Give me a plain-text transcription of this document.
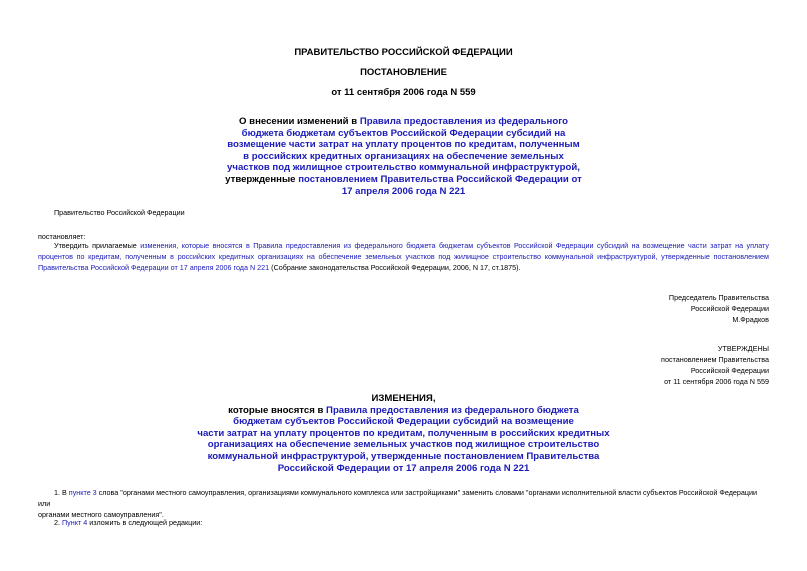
ПРАВИТЕЛЬСТВО РОССИЙСКОЙ ФЕДЕРАЦИИ
ПОСТАНОВЛЕНИЕ
от 11 сентября 2006 года N 559
О внесении изменений в Правила предоставления из федерального
бюджета бюджетам субъектов Российской Федерации субсидий на
возмещение части затрат на уплату процентов по кредитам, полученным
в российских кредитных организациях на обеспечение земельных
участков под жилищное строительство коммунальной инфраструктурой,
утвержденные постановлением Правительства Российской Федерации от
17 апреля 2006 года N 221
Правительство Российской Федерации
постановляет:
Утвердить прилагаемые изменения, которые вносятся в Правила предоставления из федерального бюджета бюджетам субъектов Российской Федерации субсидий на возмещение части затрат на уплату
процентов по кредитам, полученным в российских кредитных организациях на обеспечение земельных участков под жилищное строительство коммунальной инфраструктурой, утвержденные постановлением
Правительства Российской Федерации от 17 апреля 2006 года N 221 (Собрание законодательства Российской Федерации, 2006, N 17, ст.1875).
Председатель Правительства
Российской Федерации
М.Фрадков
УТВЕРЖДЕНЫ
постановлением Правительства
Российской Федерации
от 11 сентября 2006 года N 559
ИЗМЕНЕНИЯ,
которые вносятся в Правила предоставления из федерального бюджета
бюджетам субъектов Российской Федерации субсидий на возмещение
части затрат на уплату процентов по кредитам, полученным в российских кредитных
организациях на обеспечение земельных участков под жилищное строительство
коммунальной инфраструктурой, утвержденные постановлением Правительства
Российской Федерации от 17 апреля 2006 года N 221
1. В пункте 3 слова "органами местного самоуправления, организациями коммунального комплекса или застройщиками" заменить словами "органами исполнительной власти субъектов Российской Федерации или
органами местного самоуправления".
2. Пункт 4 изложить в следующей редакции:
